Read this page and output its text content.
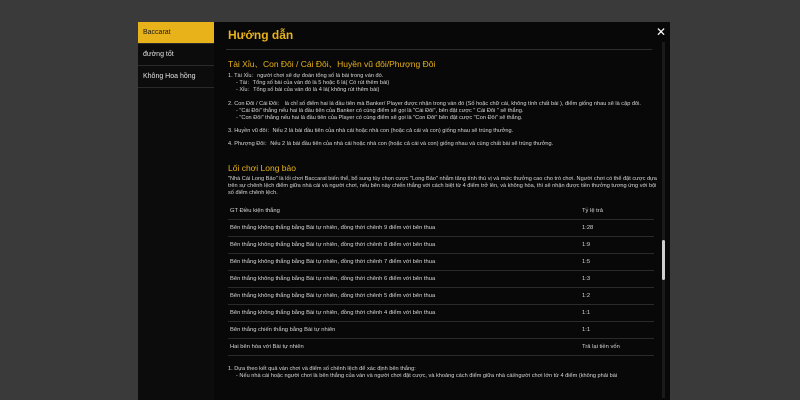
Baccarat
đường tốt
Không Hoa hồng
Hướng dẫn
Tài Xỉu、Con Đôi / Cái Đôi、Huyền vũ đôi/Phượng Đôi
1. Tài Xỉu：người chơi sẽ dự đoán tổng số lá bài trong ván đó.
- Tài：Tổng số bài của ván đó là 5 hoặc 6 lá( Có rút thêm bài)
- Xỉu：Tổng số bài của ván đó là 4 lá( không rút thêm bài)
2. Con Đôi / Cái Đôi： là chỉ số điểm hai lá đầu tiên mà Banker/ Player được nhận trong ván đó (Số hoặc chữ cái, không tính chất bài ), điểm giống nhau sẽ là cặp đôi.
- "Cái Đôi" thắng nếu hai lá đầu tiên của Banker có cùng điểm sẽ gọi là "Cái Đôi", bên đặt cược " Cái Đôi " sẽ thắng.
- "Con Đôi" thắng nếu hai lá đầu tiên của Player có cùng điểm sẽ gọi là "Con Đôi" bên đặt cược "Con Đôi" sẽ thắng.
3. Huyền vũ đôi：Nếu 2 lá bài đầu tiên của nhà cái hoặc nhà con (hoặc cả cái và con) giống nhau sẽ trúng thưởng.
4. Phượng Đôi：Nếu 2 lá bài đầu tiên của nhà cái hoặc nhà con (hoặc cả cái và con) giống nhau và cùng chất bài sẽ trúng thưởng.
Lối chơi Long bảo
"Nhà Cái Long Bảo" là lối chơi Baccarat biến thể, bổ sung tùy chọn cược "Long Bảo" nhằm tăng tính thú vị và mức thưởng cao cho trò chơi. Người chơi có thể đặt cược dựa trên sự chênh lệch điểm giữa nhà cái và người chơi, nếu bên này chiến thắng với cách biệt từ 4 điểm trở lên, và không hòa, thì sẽ nhận được tiền thưởng tương ứng với bội số điểm chênh lệch.
GT Điều kiện thắng	Tỷ lệ trả
Bên thắng không thắng bằng Bài tự nhiên, đồng thời chênh 9 điểm với bên thua	1:28
Bên thắng không thắng bằng Bài tự nhiên, đồng thời chênh 8 điểm với bên thua	1:9
Bên thắng không thắng bằng Bài tự nhiên, đồng thời chênh 7 điểm với bên thua	1:5
Bên thắng không thắng bằng Bài tự nhiên, đồng thời chênh 6 điểm với bên thua	1:3
Bên thắng không thắng bằng Bài tự nhiên, đồng thời chênh 5 điểm với bên thua	1:2
Bên thắng không thắng bằng Bài tự nhiên, đồng thời chênh 4 điểm với bên thua	1:1
Bên thắng chiến thắng bằng Bài tự nhiên	1:1
Hai bên hòa với Bài tự nhiên	Trả lại tiền vốn
1. Dựa theo kết quả ván chơi và điểm số chênh lệch để xác định bên thắng:
- Nếu nhà cái hoặc người chơi là bên thắng của ván và người chơi đặt cược, và khoảng cách điểm giữa nhà cái/người chơi lớn từ 4 điểm (không phải bài
✕
